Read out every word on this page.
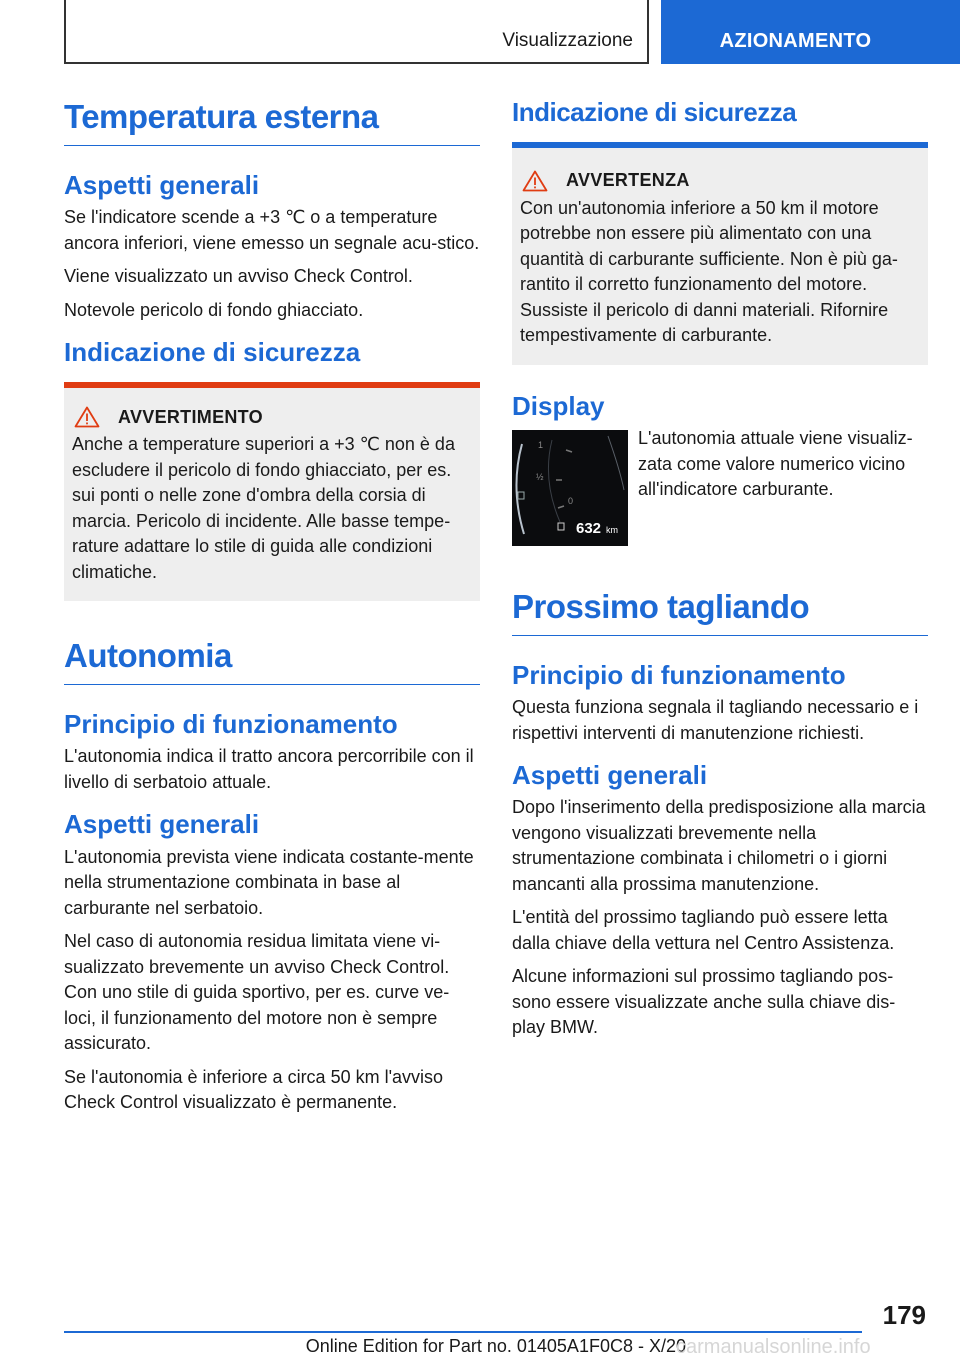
Visualizzazione	AZIONAMENTO
Temperatura esterna
Aspetti generali

Se l'indicatore scende a +3 ℃ o a temperature ancora inferiori, viene emesso un segnale acu‐stico.

Viene visualizzato un avviso Check Control.

Notevole pericolo di fondo ghiacciato.

Indicazione di sicurezza
AVVERTIMENTO

Anche a temperature superiori a +3 ℃ non è da escludere il pericolo di fondo ghiacciato, per es. sui ponti o nelle zone d'ombra della corsia di marcia. Pericolo di incidente. Alle basse tempe‐rature adattare lo stile di guida alle condizioni climatiche.

Autonomia
Principio di funzionamento

L'autonomia indica il tratto ancora percorribile con il livello di serbatoio attuale.

Aspetti generali

L'autonomia prevista viene indicata costante‐mente nella strumentazione combinata in base al carburante nel serbatoio.

Nel caso di autonomia residua limitata viene vi‐sualizzato brevemente un avviso Check Control. Con uno stile di guida sportivo, per es. curve ve‐loci, il funzionamento del motore non è sempre assicurato.

Se l'autonomia è inferiore a circa 50 km l'avviso Check Control visualizzato è permanente.

Indicazione di sicurezza
AVVERTENZA

Con un'autonomia inferiore a 50 km il motore potrebbe non essere più alimentato con una quantità di carburante sufficiente. Non è più ga‐rantito il corretto funzionamento del motore. Sussiste il pericolo di danni materiali. Rifornire tempestivamente di carburante.

Display
1
½
0
632 km

L'autonomia attuale viene visualiz‐zata come valore numerico vicino all'indicatore carburante.

Prossimo tagliando
Principio di funzionamento

Questa funziona segnala il tagliando necessario e i rispettivi interventi di manutenzione richiesti.

Aspetti generali

Dopo l'inserimento della predisposizione alla marcia vengono visualizzati brevemente nella strumentazione combinata i chilometri o i giorni mancanti alla prossima manutenzione.

L'entità del prossimo tagliando può essere letta dalla chiave della vettura nel Centro Assistenza.

Alcune informazioni sul prossimo tagliando pos‐sono essere visualizzate anche sulla chiave dis‐play BMW.

179
Online Edition for Part no. 01405A1F0C8 - X/20
carmanualsonline.info
